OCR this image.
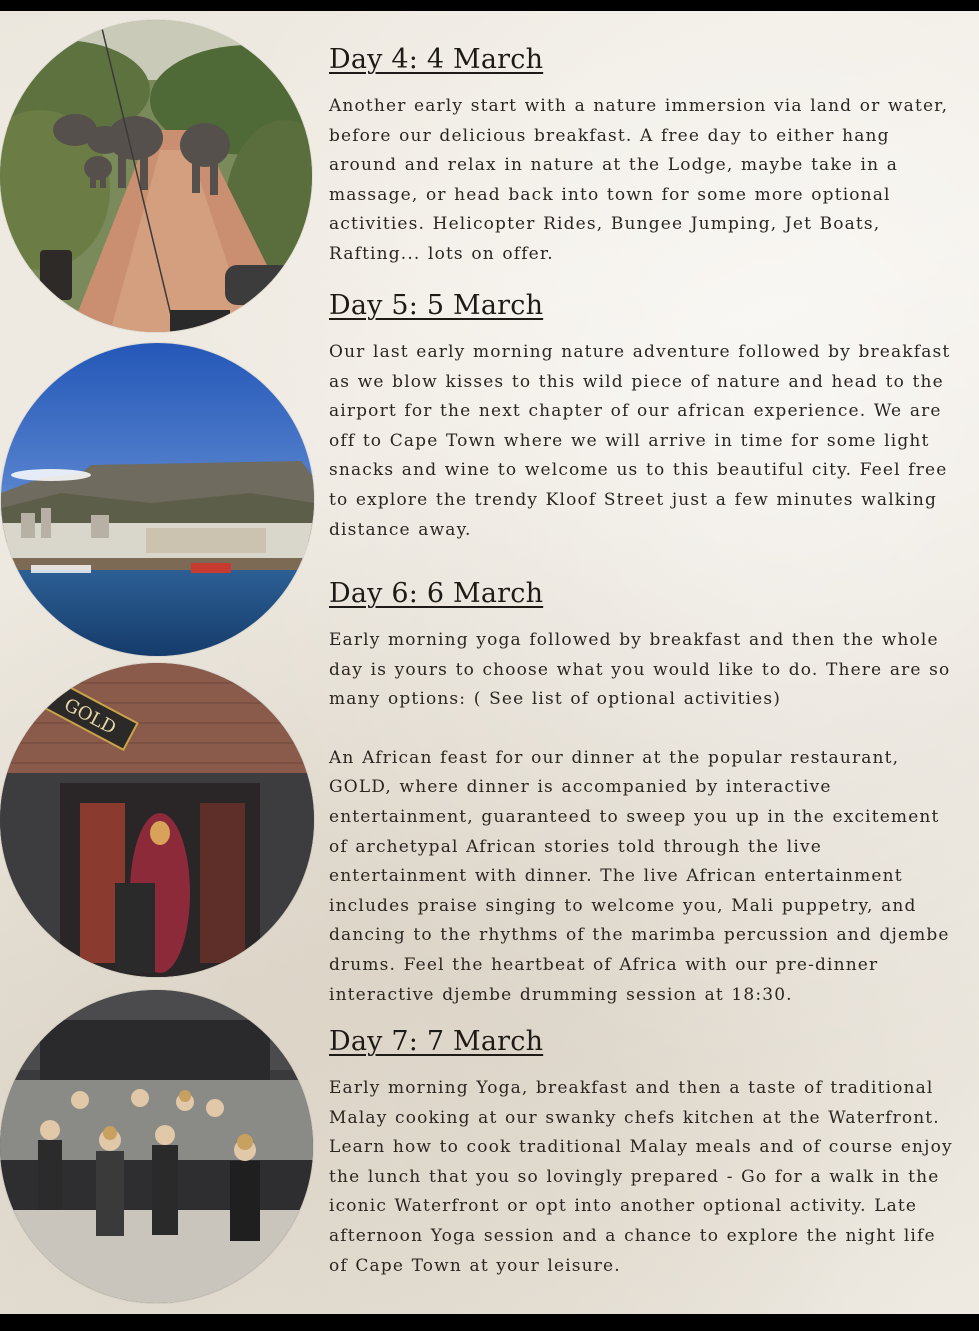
GOLD
Day 4: 4 March

Another early start with a nature immersion via land or water, before our delicious breakfast. A free day to either hang around and relax in nature at the Lodge, maybe take in a massage, or head back into town for some more optional activities. Helicopter Rides, Bungee Jumping, Jet Boats, Rafting... lots on offer.

Day 5: 5 March

Our last early morning nature adventure followed by breakfast as we blow kisses to this wild piece of nature and head to the airport for the next chapter of our african experience. We are off to Cape Town where we will arrive in time for some light snacks and wine to welcome us to this beautiful city. Feel free to explore the trendy Kloof Street just a few minutes walking distance away.

Day 6: 6 March

Early morning yoga followed by breakfast and then the whole day is yours to choose what you would like to do. There are so many options: ( See list of optional activities)

An African feast for our dinner at the popular restaurant, GOLD, where dinner is accompanied by interactive entertainment, guaranteed to sweep you up in the excitement of archetypal African stories told through the live entertainment with dinner. The live African entertainment includes praise singing to welcome you, Mali puppetry, and dancing to the rhythms of the marimba percussion and djembe drums. Feel the heartbeat of Africa with our pre-dinner interactive djembe drumming session at 18:30.

Day 7: 7 March

Early morning Yoga, breakfast and then a taste of traditional Malay cooking at our swanky chefs kitchen at the Waterfront. Learn how to cook traditional Malay meals and of course enjoy the lunch that you so lovingly prepared - Go for a walk in the iconic Waterfront or opt into another optional activity. Late afternoon Yoga session and a chance to explore the night life of Cape Town at your leisure.
